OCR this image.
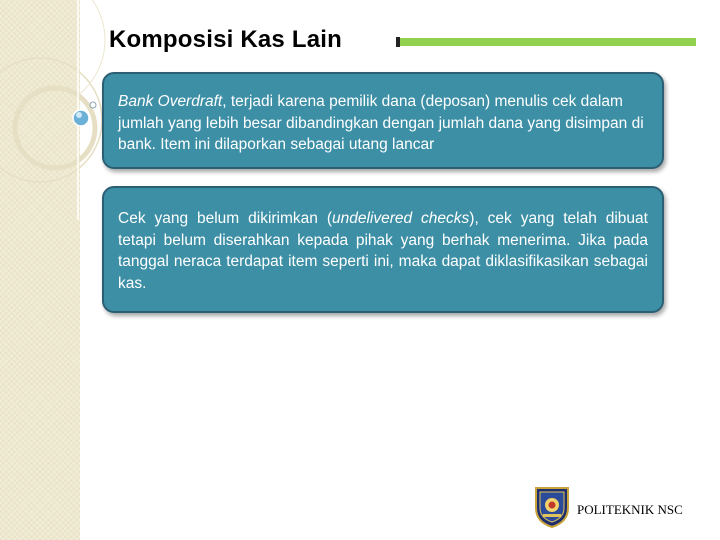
Komposisi Kas Lain

Bank Overdraft, terjadi karena pemilik dana (deposan) menulis cek dalam jumlah yang lebih besar dibandingkan dengan jumlah dana yang disimpan di bank. Item ini dilaporkan sebagai utang lancar

Cek yang belum dikirimkan (undelivered checks), cek yang telah dibuat tetapi belum diserahkan kepada pihak yang berhak menerima. Jika pada tanggal neraca terdapat item seperti ini, maka dapat diklasifikasikan sebagai kas.

POLITEKNIK NSC
